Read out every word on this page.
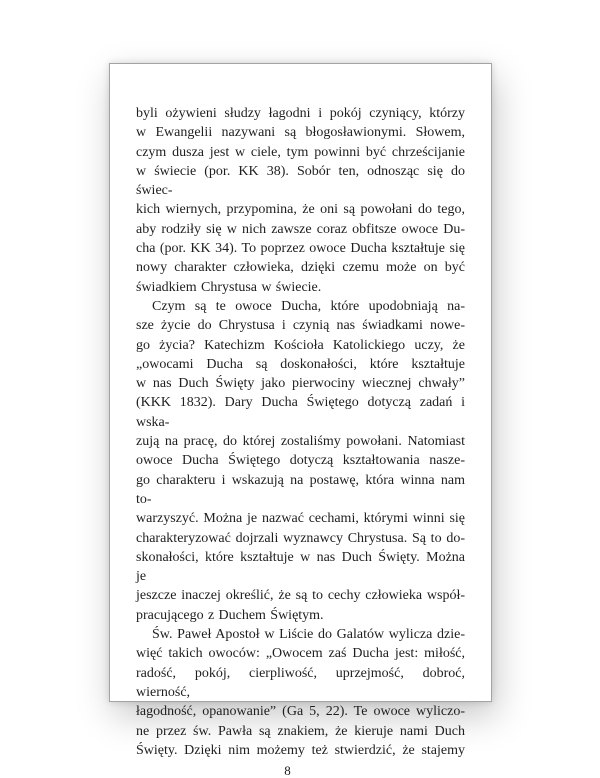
byli ożywieni słudzy łagodni i pokój czyniący, którzy
w Ewangelii nazywani są błogosławionymi. Słowem,
czym dusza jest w ciele, tym powinni być chrześcijanie
w świecie (por. KK 38). Sobór ten, odnosząc się do świec-
kich wiernych, przypomina, że oni są powołani do tego,
aby rodziły się w nich zawsze coraz obfitsze owoce Du-
cha (por. KK 34). To poprzez owoce Ducha kształtuje się
nowy charakter człowieka, dzięki czemu może on być
świadkiem Chrystusa w świecie.
Czym są te owoce Ducha, które upodobniają na-
sze życie do Chrystusa i czynią nas świadkami nowe-
go życia? Katechizm Kościoła Katolickiego uczy, że
„owocami Ducha są doskonałości, które kształtuje
w nas Duch Święty jako pierwociny wiecznej chwały”
(KKK 1832). Dary Ducha Świętego dotyczą zadań i wska-
zują na pracę, do której zostaliśmy powołani. Natomiast
owoce Ducha Świętego dotyczą kształtowania nasze-
go charakteru i wskazują na postawę, która winna nam to-
warzyszyć. Można je nazwać cechami, którymi winni się
charakteryzować dojrzali wyznawcy Chrystusa. Są to do-
skonałości, które kształtuje w nas Duch Święty. Można je
jeszcze inaczej określić, że są to cechy człowieka współ-
pracującego z Duchem Świętym.
Św. Paweł Apostoł w Liście do Galatów wylicza dzie-
więć takich owoców: „Owocem zaś Ducha jest: miłość,
radość, pokój, cierpliwość, uprzejmość, dobroć, wierność,
łagodność, opanowanie” (Ga 5, 22). Te owoce wyliczo-
ne przez św. Pawła są znakiem, że kieruje nami Duch
Święty. Dzięki nim możemy też stwierdzić, że stajemy
8
